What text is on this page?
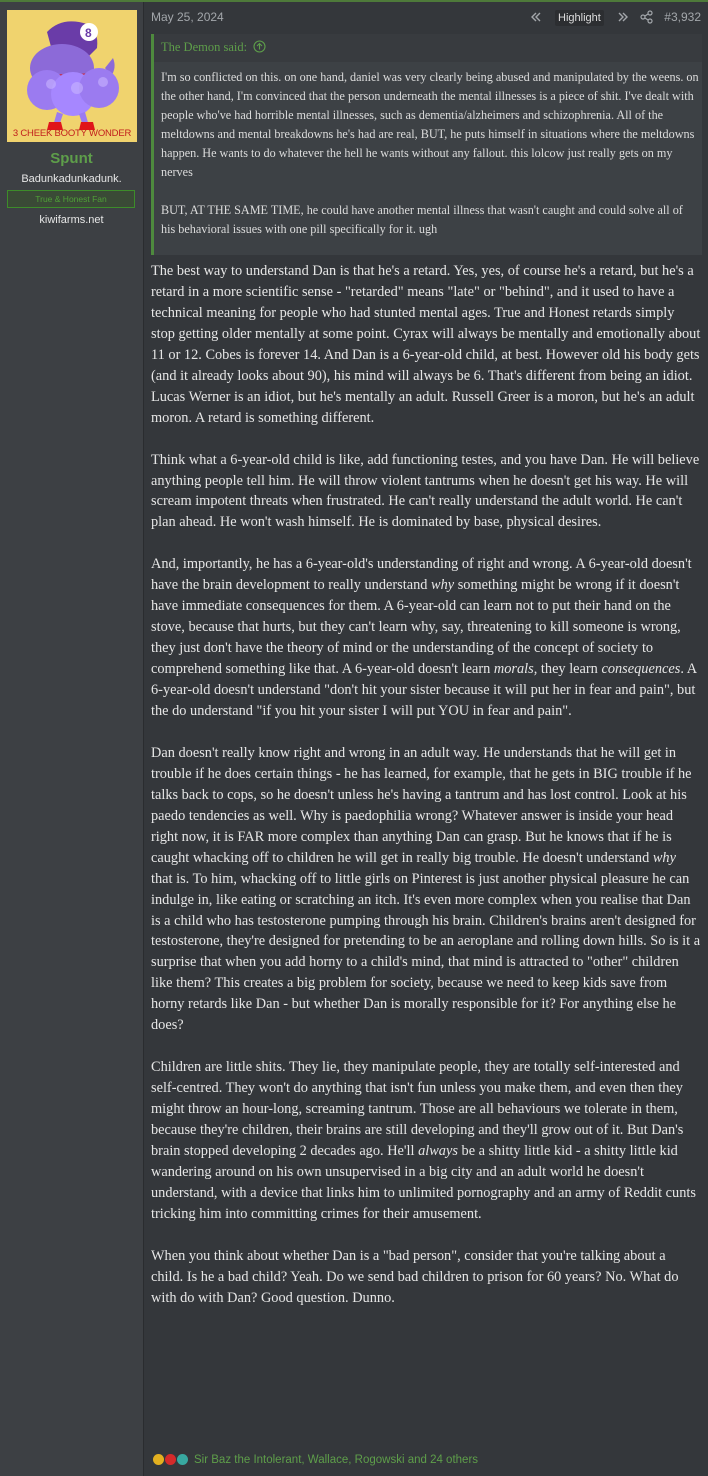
8
3 CHEEK BOOTY WONDER
Spunt
Badunkadunkadunk.
True & Honest Fan
kiwifarms.net
May 25, 2024	Highlight	#3,932
The Demon said:
I'm so conflicted on this. on one hand, daniel was very clearly being abused and manipulated by the weens. on the other hand, I'm convinced that the person underneath the mental illnesses is a piece of shit. I've dealt with people who've had horrible mental illnesses, such as dementia/alzheimers and schizophrenia. All of the meltdowns and mental breakdowns he's had are real, BUT, he puts himself in situations where the meltdowns happen. He wants to do whatever the hell he wants without any fallout. this lolcow just really gets on my nerves

BUT, AT THE SAME TIME, he could have another mental illness that wasn't caught and could solve all of his behavioral issues with one pill specifically for it. ugh

The best way to understand Dan is that he's a retard. Yes, yes, of course he's a retard, but he's a retard in a more scientific sense - "retarded" means "late" or "behind", and it used to have a technical meaning for people who had stunted mental ages. True and Honest retards simply stop getting older mentally at some point. Cyrax will always be mentally and emotionally about 11 or 12. Cobes is forever 14. And Dan is a 6-year-old child, at best. However old his body gets (and it already looks about 90), his mind will always be 6. That's different from being an idiot. Lucas Werner is an idiot, but he's mentally an adult. Russell Greer is a moron, but he's an adult moron. A retard is something different.

Think what a 6-year-old child is like, add functioning testes, and you have Dan. He will believe anything people tell him. He will throw violent tantrums when he doesn't get his way. He will scream impotent threats when frustrated. He can't really understand the adult world. He can't plan ahead. He won't wash himself. He is dominated by base, physical desires.

And, importantly, he has a 6-year-old's understanding of right and wrong. A 6-year-old doesn't have the brain development to really understand why something might be wrong if it doesn't have immediate consequences for them. A 6-year-old can learn not to put their hand on the stove, because that hurts, but they can't learn why, say, threatening to kill someone is wrong, they just don't have the theory of mind or the understanding of the concept of society to comprehend something like that. A 6-year-old doesn't learn morals, they learn consequences. A 6-year-old doesn't understand "don't hit your sister because it will put her in fear and pain", but the do understand "if you hit your sister I will put YOU in fear and pain".

Dan doesn't really know right and wrong in an adult way. He understands that he will get in trouble if he does certain things - he has learned, for example, that he gets in BIG trouble if he talks back to cops, so he doesn't unless he's having a tantrum and has lost control. Look at his paedo tendencies as well. Why is paedophilia wrong? Whatever answer is inside your head right now, it is FAR more complex than anything Dan can grasp. But he knows that if he is caught whacking off to children he will get in really big trouble. He doesn't understand why that is. To him, whacking off to little girls on Pinterest is just another physical pleasure he can indulge in, like eating or scratching an itch. It's even more complex when you realise that Dan is a child who has testosterone pumping through his brain. Children's brains aren't designed for testosterone, they're designed for pretending to be an aeroplane and rolling down hills. So is it a surprise that when you add horny to a child's mind, that mind is attracted to "other" children like them? This creates a big problem for society, because we need to keep kids save from horny retards like Dan - but whether Dan is morally responsible for it? For anything else he does?

Children are little shits. They lie, they manipulate people, they are totally self-interested and self-centred. They won't do anything that isn't fun unless you make them, and even then they might throw an hour-long, screaming tantrum. Those are all behaviours we tolerate in them, because they're children, their brains are still developing and they'll grow out of it. But Dan's brain stopped developing 2 decades ago. He'll always be a shitty little kid - a shitty little kid wandering around on his own unsupervised in a big city and an adult world he doesn't understand, with a device that links him to unlimited pornography and an army of Reddit cunts tricking him into committing crimes for their amusement.

When you think about whether Dan is a "bad person", consider that you're talking about a child. Is he a bad child? Yeah. Do we send bad children to prison for 60 years? No. What do with do with Dan? Good question. Dunno.

Sir Baz the Intolerant, Wallace, Rogowski and 24 others
